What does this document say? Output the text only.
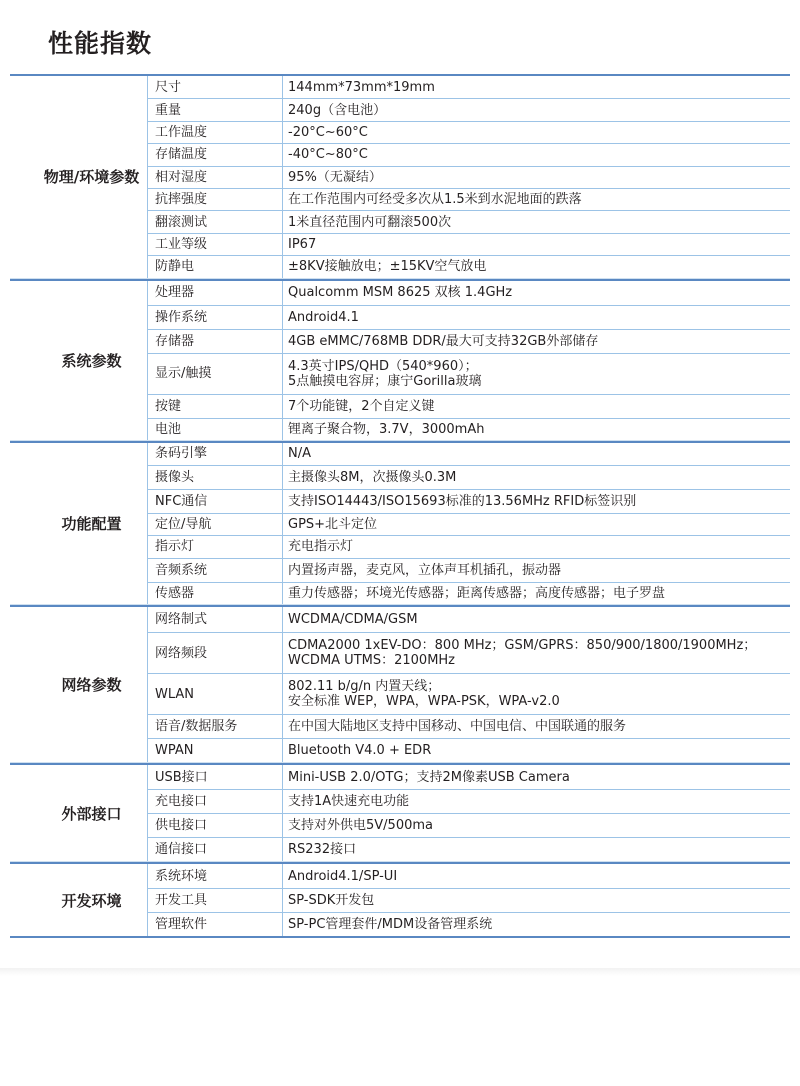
性能指数
物理/环境参数
尺寸	144mm*73mm*19mm
重量	240g（含电池）
工作温度	-20°C~60°C
存储温度	-40°C~80°C
相对湿度	95%（无凝结）
抗摔强度	在工作范围内可经受多次从1.5米到水泥地面的跌落
翻滚测试	1米直径范围内可翻滚500次
工业等级	IP67
防静电	±8KV接触放电；±15KV空气放电
系统参数
处理器	Qualcomm MSM 8625 双核 1.4GHz
操作系统	Android4.1
存储器	4GB eMMC/768MB DDR/最大可支持32GB外部储存
显示/触摸	4.3英寸IPS/QHD（540*960）；
5点触摸电容屏；康宁Gorilla玻璃
按键	7个功能键，2个自定义键
电池	锂离子聚合物，3.7V，3000mAh
功能配置
条码引擎	N/A
摄像头	主摄像头8M，次摄像头0.3M
NFC通信	支持ISO14443/ISO15693标准的13.56MHz RFID标签识别
定位/导航	GPS+北斗定位
指示灯	充电指示灯
音频系统	内置扬声器，麦克风，立体声耳机插孔，振动器
传感器	重力传感器；环境光传感器；距离传感器；高度传感器；电子罗盘
网络参数
网络制式	WCDMA/CDMA/GSM
网络频段	CDMA2000 1xEV-DO：800 MHz；GSM/GPRS：850/900/1800/1900MHz；
WCDMA UTMS：2100MHz
WLAN	802.11 b/g/n 内置天线；
安全标准 WEP，WPA，WPA-PSK，WPA-v2.0
语音/数据服务	在中国大陆地区支持中国移动、中国电信、中国联通的服务
WPAN	Bluetooth V4.0 + EDR
外部接口
USB接口	Mini-USB 2.0/OTG；支持2M像素USB Camera
充电接口	支持1A快速充电功能
供电接口	支持对外供电5V/500ma
通信接口	RS232接口
开发环境
系统环境	Android4.1/SP-UI
开发工具	SP-SDK开发包
管理软件	SP-PC管理套件/MDM设备管理系统
